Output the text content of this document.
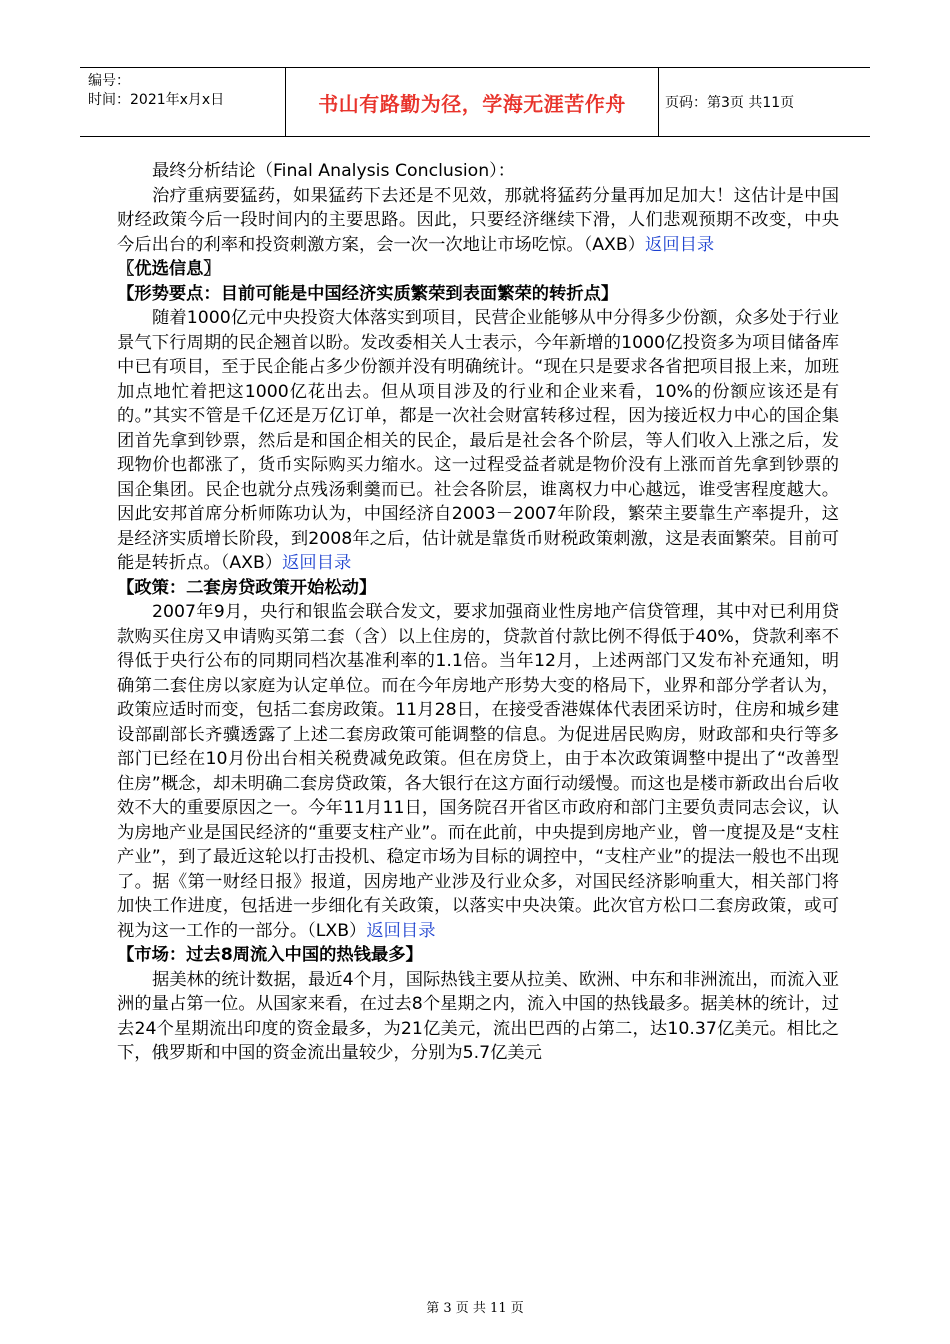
编号：
时间：2021年x月x日	书山有路勤为径，学海无涯苦作舟	页码：第3页 共11页

最终分析结论（Final Analysis Conclusion）：

治疗重病要猛药，如果猛药下去还是不见效，那就将猛药分量再加足加大！这估计是中国财经政策今后一段时间内的主要思路。因此，只要经济继续下滑，人们悲观预期不改变，中央今后出台的利率和投资刺激方案，会一次一次地让市场吃惊。（AXB）返回目录

〖优选信息〗

【形势要点：目前可能是中国经济实质繁荣到表面繁荣的转折点】

随着1000亿元中央投资大体落实到项目，民营企业能够从中分得多少份额，众多处于行业景气下行周期的民企翘首以盼。发改委相关人士表示，今年新增的1000亿投资多为项目储备库中已有项目，至于民企能占多少份额并没有明确统计。“现在只是要求各省把项目报上来，加班加点地忙着把这1000亿花出去。但从项目涉及的行业和企业来看，10%的份额应该还是有的。”其实不管是千亿还是万亿订单，都是一次社会财富转移过程，因为接近权力中心的国企集团首先拿到钞票，然后是和国企相关的民企，最后是社会各个阶层，等人们收入上涨之后，发现物价也都涨了，货币实际购买力缩水。这一过程受益者就是物价没有上涨而首先拿到钞票的国企集团。民企也就分点残汤剩羹而已。社会各阶层，谁离权力中心越远，谁受害程度越大。因此安邦首席分析师陈功认为，中国经济自2003－2007年阶段，繁荣主要靠生产率提升，这是经济实质增长阶段，到2008年之后，估计就是靠货币财税政策刺激，这是表面繁荣。目前可能是转折点。（AXB）返回目录

【政策：二套房贷政策开始松动】

2007年9月，央行和银监会联合发文，要求加强商业性房地产信贷管理，其中对已利用贷款购买住房又申请购买第二套（含）以上住房的，贷款首付款比例不得低于40%，贷款利率不得低于央行公布的同期同档次基准利率的1.1倍。当年12月，上述两部门又发布补充通知，明确第二套住房以家庭为认定单位。而在今年房地产形势大变的格局下，业界和部分学者认为，政策应适时而变，包括二套房政策。11月28日，在接受香港媒体代表团采访时，住房和城乡建设部副部长齐骥透露了上述二套房政策可能调整的信息。为促进居民购房，财政部和央行等多部门已经在10月份出台相关税费减免政策。但在房贷上，由于本次政策调整中提出了“改善型住房”概念，却未明确二套房贷政策，各大银行在这方面行动缓慢。而这也是楼市新政出台后收效不大的重要原因之一。今年11月11日，国务院召开省区市政府和部门主要负责同志会议，认为房地产业是国民经济的“重要支柱产业”。而在此前，中央提到房地产业，曾一度提及是“支柱产业”，到了最近这轮以打击投机、稳定市场为目标的调控中，“支柱产业”的提法一般也不出现了。据《第一财经日报》报道，因房地产业涉及行业众多，对国民经济影响重大，相关部门将加快工作进度，包括进一步细化有关政策，以落实中央决策。此次官方松口二套房政策，或可视为这一工作的一部分。（LXB）返回目录

【市场：过去8周流入中国的热钱最多】

据美林的统计数据，最近4个月，国际热钱主要从拉美、欧洲、中东和非洲流出，而流入亚洲的量占第一位。从国家来看，在过去8个星期之内，流入中国的热钱最多。据美林的统计，过去24个星期流出印度的资金最多，为21亿美元，流出巴西的占第二，达10.37亿美元。相比之下，俄罗斯和中国的资金流出量较少，分别为5.7亿美元

第 3 页 共 11 页
